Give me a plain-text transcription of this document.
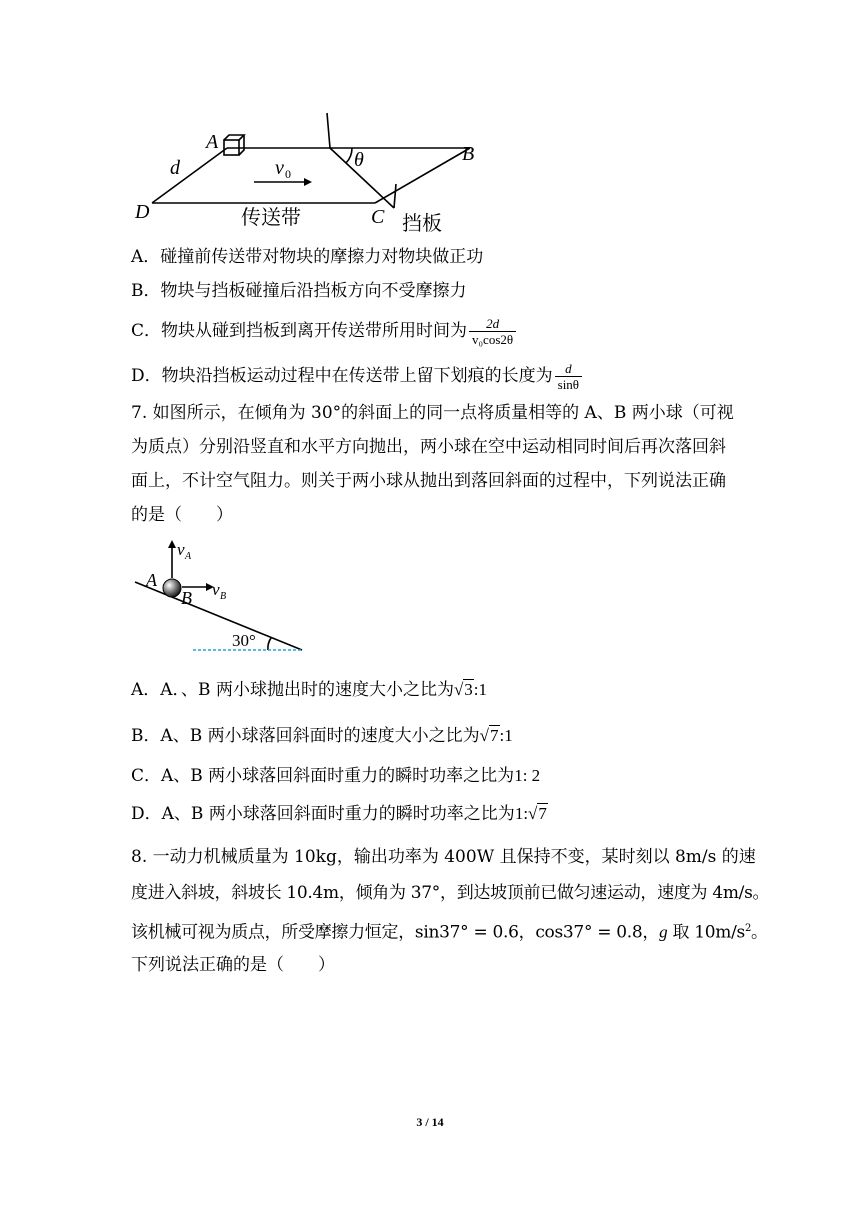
A
B
C
D
d	v 0
θ
传送带	挡板
A．碰撞前传送带对物块的摩擦力对物块做正功
B．物块与挡板碰撞后沿挡板方向不受摩擦力
C．物块从碰到挡板到离开传送带所用时间为 $\frac{2d}{\text{v₀cos2θ}}$
D．物块沿挡板运动过程中在传送带上留下划痕的长度为 $\frac{d}{\sin\theta}$
7. 如图所示，在倾角为 30°的斜面上的同一点将质量相等的 A、B 两小球（可视
为质点）分别沿竖直和水平方向抛出，两小球在空中运动相同时间后再次落回斜
面上，不计空气阻力。则关于两小球从抛出到落回斜面的过程中，下列说法正确
的是（　　）
v A
v B
A
B
30°
A．A．、B 两小球抛出时的速度大小之比为√3:1
B．A、B 两小球落回斜面时的速度大小之比为√7:1
C．A、B 两小球落回斜面时重力的瞬时功率之比为1: 2
D．A、B 两小球落回斜面时重力的瞬时功率之比为1:√7
8. 一动力机械质量为 10kg，输出功率为 400W 且保持不变，某时刻以 8m/s 的速
度进入斜坡，斜坡长 10.4m，倾角为 37°，到达坡顶前已做匀速运动，速度为 4m/s。
该机械可视为质点，所受摩擦力恒定，sin37° = 0.6，cos37° = 0.8，g 取 $10m/s^2$。
下列说法正确的是（　　）
3 / 14
